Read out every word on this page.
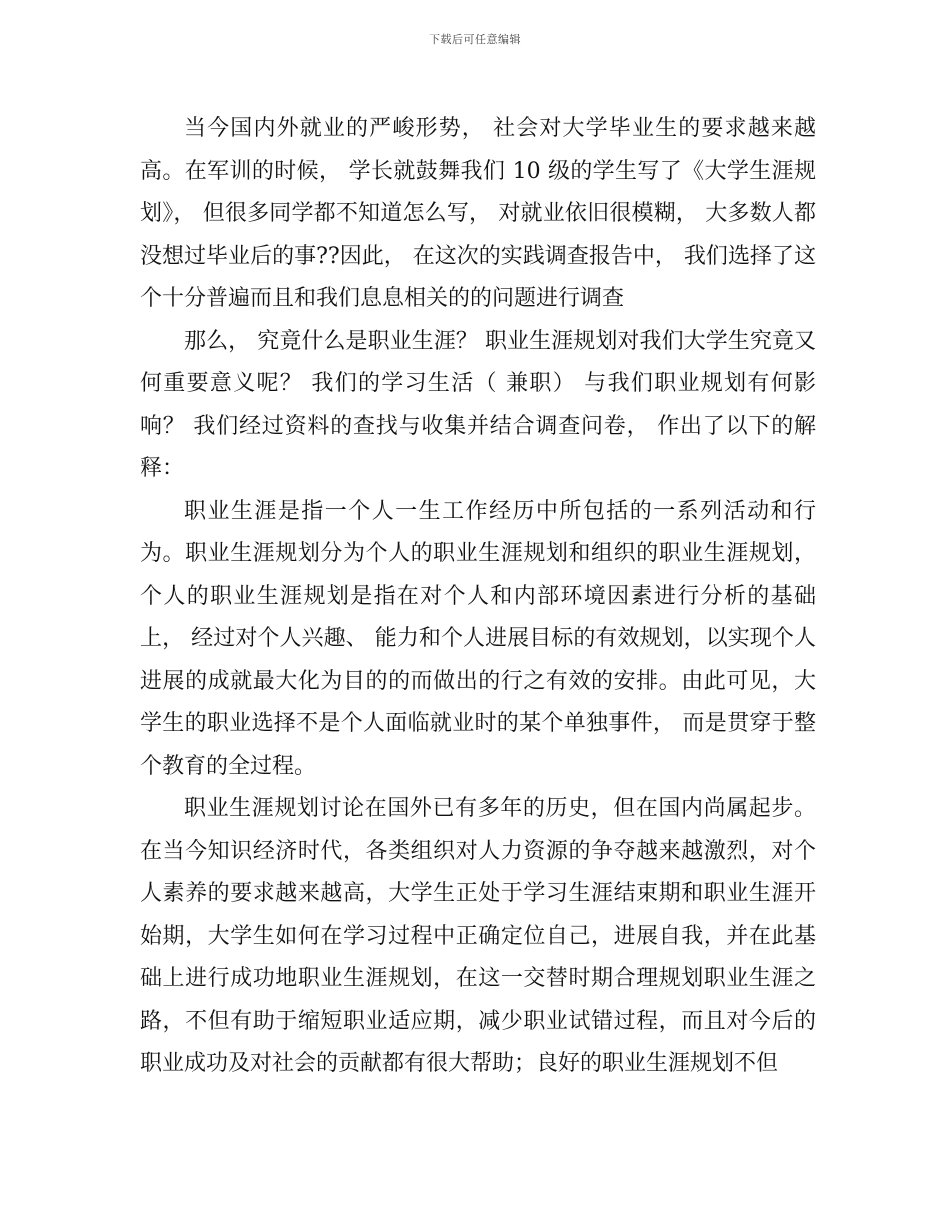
下载后可任意编辑

当今国内外就业的严峻形势， 社会对大学毕业生的要求越来越高。在军训的时候， 学长就鼓舞我们 10 级的学生写了《大学生涯规划》， 但很多同学都不知道怎么写， 对就业依旧很模糊， 大多数人都没想过毕业后的事??因此， 在这次的实践调查报告中， 我们选择了这个十分普遍而且和我们息息相关的的问题进行调查

那么， 究竟什么是职业生涯？ 职业生涯规划对我们大学生究竟又何重要意义呢？ 我们的学习生活（ 兼职） 与我们职业规划有何影响？ 我们经过资料的查找与收集并结合调查问卷， 作出了以下的解释：

职业生涯是指一个人一生工作经历中所包括的一系列活动和行为。职业生涯规划分为个人的职业生涯规划和组织的职业生涯规划，个人的职业生涯规划是指在对个人和内部环境因素进行分析的基础上， 经过对个人兴趣、 能力和个人进展目标的有效规划，以实现个人进展的成就最大化为目的的而做出的行之有效的安排。由此可见，大学生的职业选择不是个人面临就业时的某个单独事件， 而是贯穿于整个教育的全过程。

职业生涯规划讨论在国外已有多年的历史，但在国内尚属起步。在当今知识经济时代，各类组织对人力资源的争夺越来越激烈，对个人素养的要求越来越高，大学生正处于学习生涯结束期和职业生涯开始期，大学生如何在学习过程中正确定位自己，进展自我，并在此基础上进行成功地职业生涯规划，在这一交替时期合理规划职业生涯之路，不但有助于缩短职业适应期，减少职业试错过程，而且对今后的职业成功及对社会的贡献都有很大帮助；良好的职业生涯规划不但
